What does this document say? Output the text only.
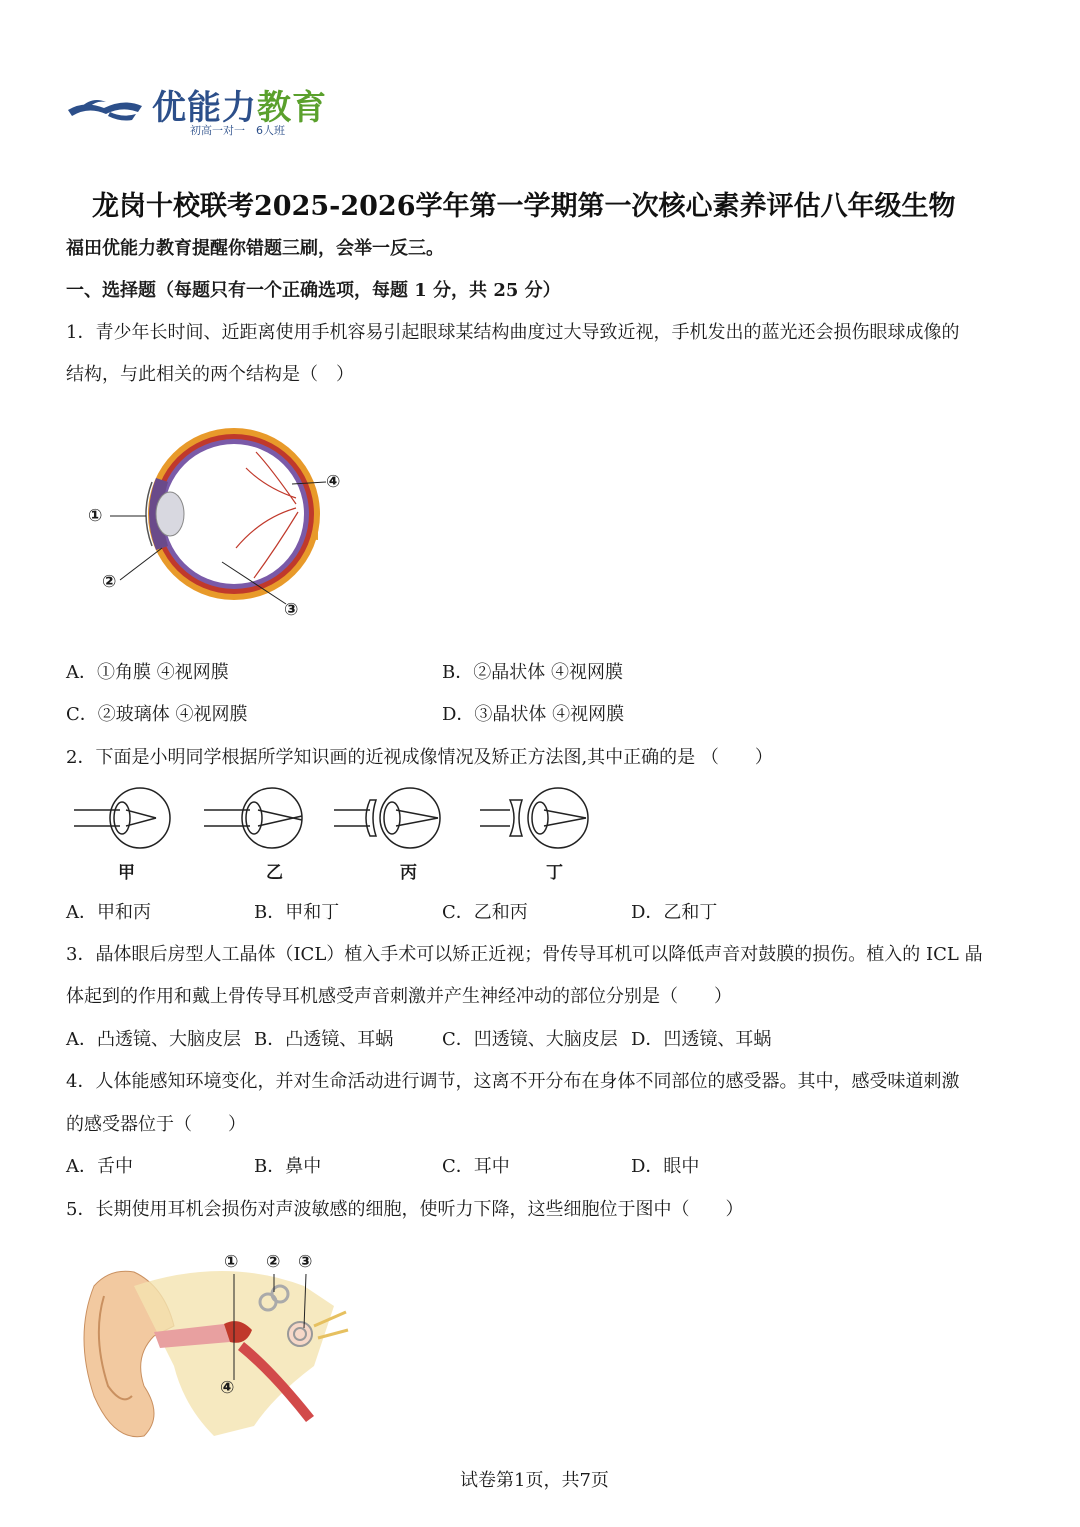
优能力教育
初高一对一　6人班
龙岗十校联考2025-2026学年第一学期第一次核心素养评估八年级生物
福田优能力教育提醒你错题三刷，会举一反三。
一、选择题（每题只有一个正确选项，每题 1 分，共 25 分）
1．青少年长时间、近距离使用手机容易引起眼球某结构曲度过大导致近视，手机发出的蓝光还会损伤眼球成像的
结构，与此相关的两个结构是（　）
①
②
③
④
A．①角膜 ④视网膜	B．②晶状体 ④视网膜
C．②玻璃体 ④视网膜	D．③晶状体 ④视网膜
2．下面是小明同学根据所学知识画的近视成像情况及矫正方法图,其中正确的是 （　　）
甲	乙	丙	丁
A．甲和丙	B．甲和丁	C．乙和丙	D．乙和丁
3．晶体眼后房型人工晶体（ICL）植入手术可以矫正近视；骨传导耳机可以降低声音对鼓膜的损伤。植入的 ICL 晶
体起到的作用和戴上骨传导耳机感受声音刺激并产生神经冲动的部位分别是（　　）
A．凸透镜、大脑皮层 B．凸透镜、耳蜗	C．凹透镜、大脑皮层 D．凹透镜、耳蜗
4．人体能感知环境变化，并对生命活动进行调节，这离不开分布在身体不同部位的感受器。其中，感受味道刺激
的感受器位于（　　）
A．舌中	B．鼻中	C．耳中	D．眼中
5．长期使用耳机会损伤对声波敏感的细胞，使听力下降，这些细胞位于图中（　　）
① ② ③
④
试卷第1页，共7页
